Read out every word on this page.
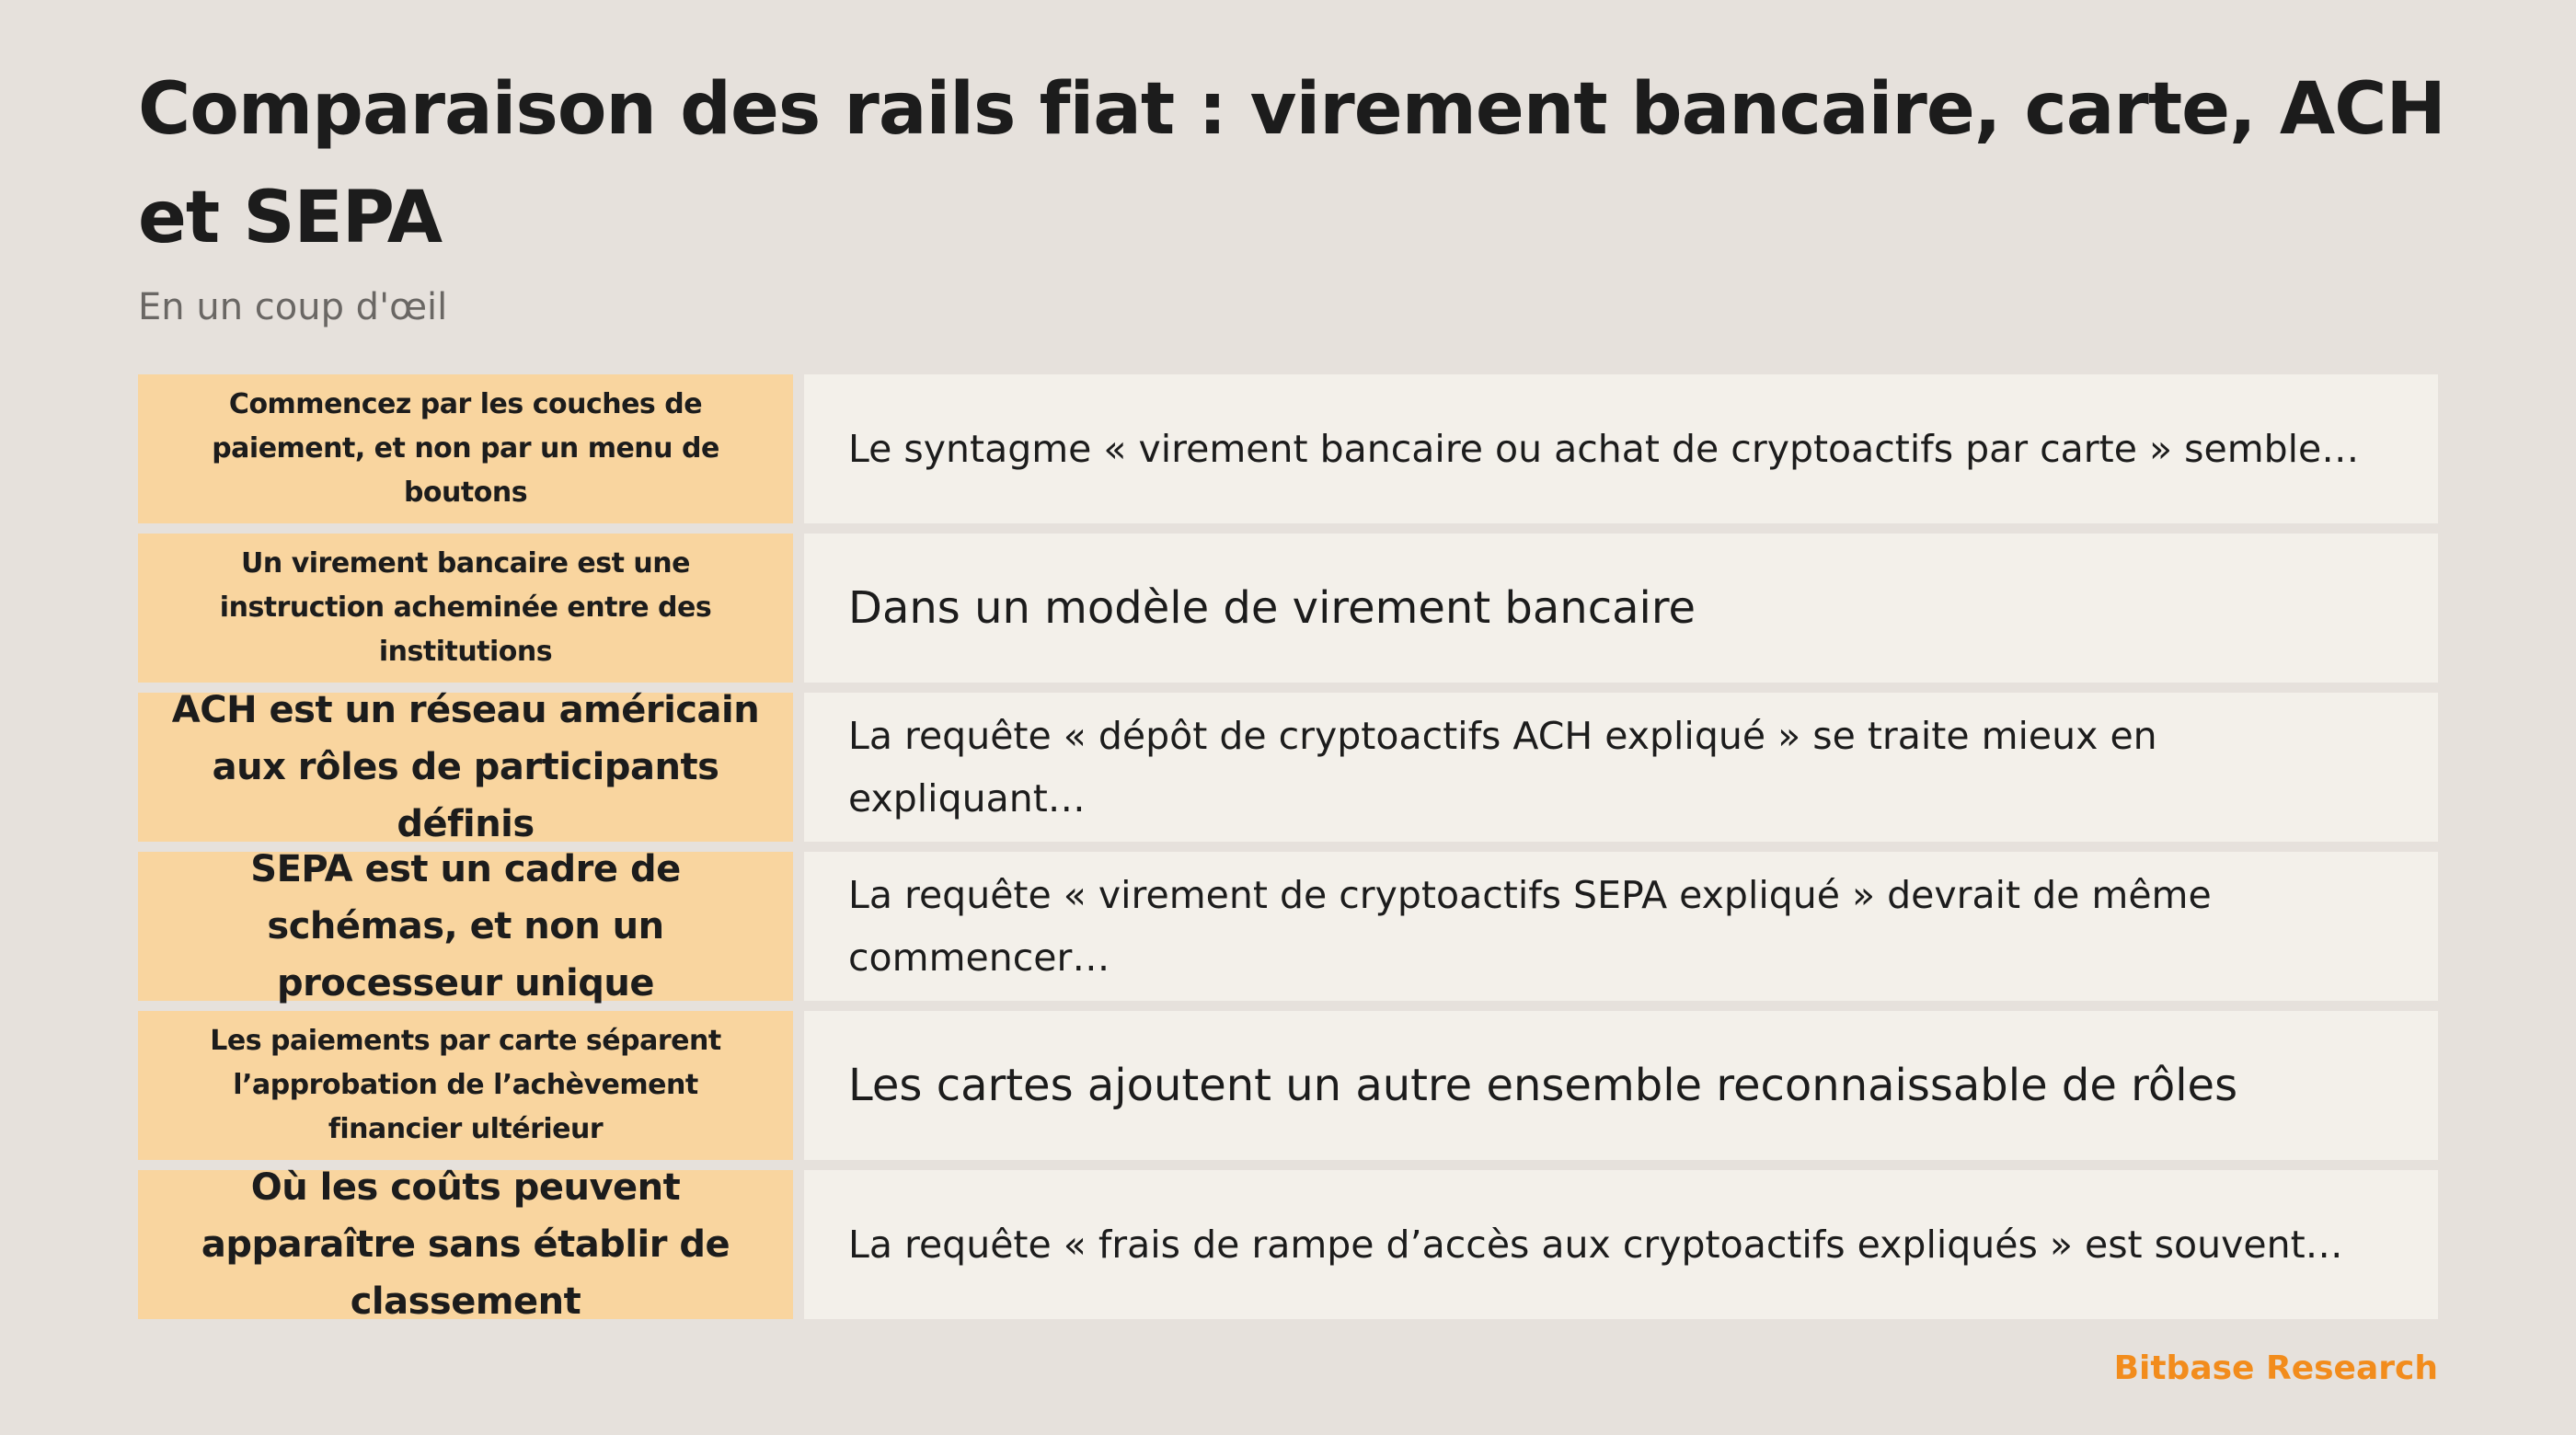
Comparaison des rails fiat : virement bancaire, carte, ACH et SEPA

En un coup d'œil

Commencez par les couches de paiement, et non par un menu de boutons
Le syntagme « virement bancaire ou achat de cryptoactifs par carte » semble…
Un virement bancaire est une instruction acheminée entre des institutions
Dans un modèle de virement bancaire
ACH est un réseau américain aux rôles de participants définis
La requête « dépôt de cryptoactifs ACH expliqué » se traite mieux en expliquant…
SEPA est un cadre de schémas, et non un processeur unique
La requête « virement de cryptoactifs SEPA expliqué » devrait de même commencer…
Les paiements par carte séparent l’approbation de l’achèvement financier ultérieur
Les cartes ajoutent un autre ensemble reconnaissable de rôles
Où les coûts peuvent apparaître sans établir de classement
La requête « frais de rampe d’accès aux cryptoactifs expliqués » est souvent…
Bitbase Research
